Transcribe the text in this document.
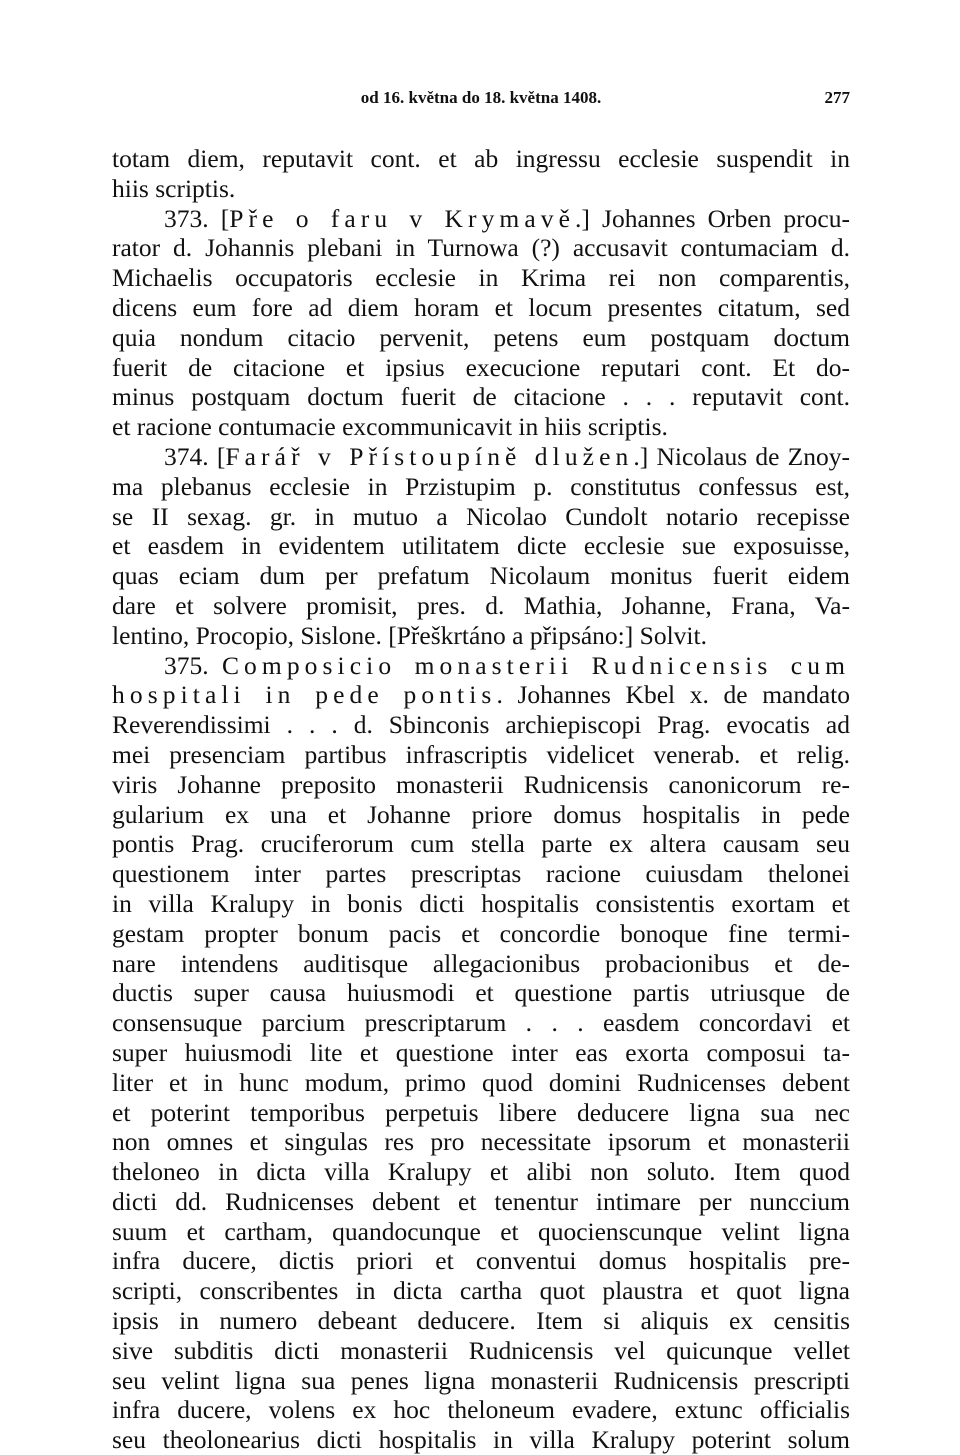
od 16. května do 18. května 1408.	277
totam diem, reputavit cont. et ab ingressu ecclesie suspendit in
hiis scriptis.
373. [Pře o faru v Krymavě.] Johannes Orben procu-
rator d. Johannis plebani in Turnowa (?) accusavit contumaciam d.
Michaelis occupatoris ecclesie in Krima rei non comparentis,
dicens eum fore ad diem horam et locum presentes citatum, sed
quia nondum citacio pervenit, petens eum postquam doctum
fuerit de citacione et ipsius execucione reputari cont. Et do-
minus postquam doctum fuerit de citacione . . . reputavit cont.
et racione contumacie excommunicavit in hiis scriptis.
374. [Farář v Přístoupíně dlužen.] Nicolaus de Znoy-
ma plebanus ecclesie in Przistupim p. constitutus confessus est,
se II sexag. gr. in mutuo a Nicolao Cundolt notario recepisse
et easdem in evidentem utilitatem dicte ecclesie sue exposuisse,
quas eciam dum per prefatum Nicolaum monitus fuerit eidem
dare et solvere promisit, pres. d. Mathia, Johanne, Frana, Va-
lentino, Procopio, Sislone. [Přeškrtáno a připsáno:] Solvit.
375. Composicio monasterii Rudnicensis cum
hospitali in pede pontis. Johannes Kbel x. de mandato
Reverendissimi . . . d. Sbinconis archiepiscopi Prag. evocatis ad
mei presenciam partibus infrascriptis videlicet venerab. et relig.
viris Johanne preposito monasterii Rudnicensis canonicorum re-
gularium ex una et Johanne priore domus hospitalis in pede
pontis Prag. cruciferorum cum stella parte ex altera causam seu
questionem inter partes prescriptas racione cuiusdam thelonei
in villa Kralupy in bonis dicti hospitalis consistentis exortam et
gestam propter bonum pacis et concordie bonoque fine termi-
nare intendens auditisque allegacionibus probacionibus et de-
ductis super causa huiusmodi et questione partis utriusque de
consensuque parcium prescriptarum . . . easdem concordavi et
super huiusmodi lite et questione inter eas exorta composui ta-
liter et in hunc modum, primo quod domini Rudnicenses debent
et poterint temporibus perpetuis libere deducere ligna sua nec
non omnes et singulas res pro necessitate ipsorum et monasterii
theloneo in dicta villa Kralupy et alibi non soluto. Item quod
dicti dd. Rudnicenses debent et tenentur intimare per nunccium
suum et cartham, quandocunque et quocienscunque velint ligna
infra ducere, dictis priori et conventui domus hospitalis pre-
scripti, conscribentes in dicta cartha quot plaustra et quot ligna
ipsis in numero debeant deducere. Item si aliquis ex censitis
sive subditis dicti monasterii Rudnicensis vel quicunque vellet
seu velint ligna sua penes ligna monasterii Rudnicensis prescripti
infra ducere, volens ex hoc theloneum evadere, extunc officialis
seu theolonearius dicti hospitalis in villa Kralupy poterint solum
